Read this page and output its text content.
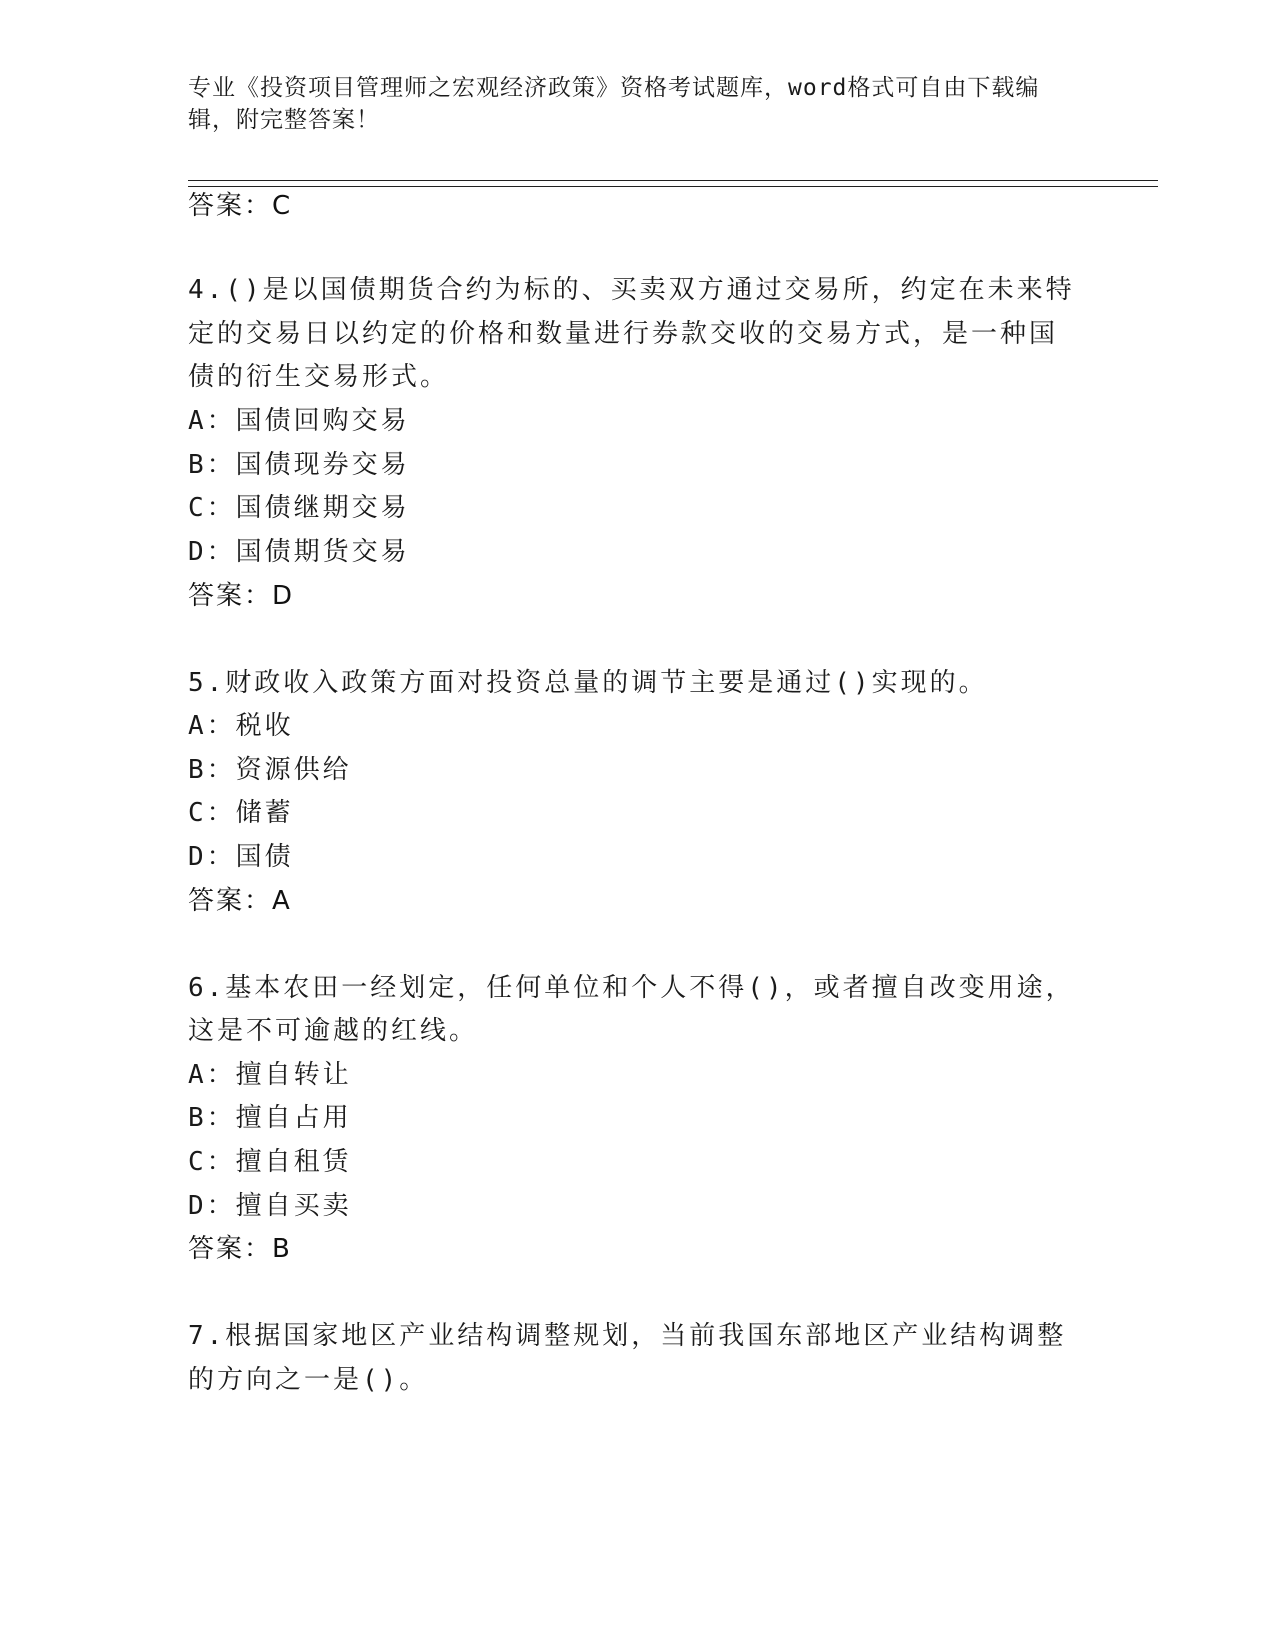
专业《投资项目管理师之宏观经济政策》资格考试题库，word格式可自由下载编
辑，附完整答案！
答案：C
4.()是以国债期货合约为标的、买卖双方通过交易所，约定在未来特
定的交易日以约定的价格和数量进行券款交收的交易方式，是一种国
债的衍生交易形式。
A：国债回购交易
B：国债现券交易
C：国债继期交易
D：国债期货交易
答案：D
5.财政收入政策方面对投资总量的调节主要是通过()实现的。
A：税收
B：资源供给
C：储蓄
D：国债
答案：A
6.基本农田一经划定，任何单位和个人不得()，或者擅自改变用途，
这是不可逾越的红线。
A：擅自转让
B：擅自占用
C：擅自租赁
D：擅自买卖
答案：B
7.根据国家地区产业结构调整规划，当前我国东部地区产业结构调整
的方向之一是()。
